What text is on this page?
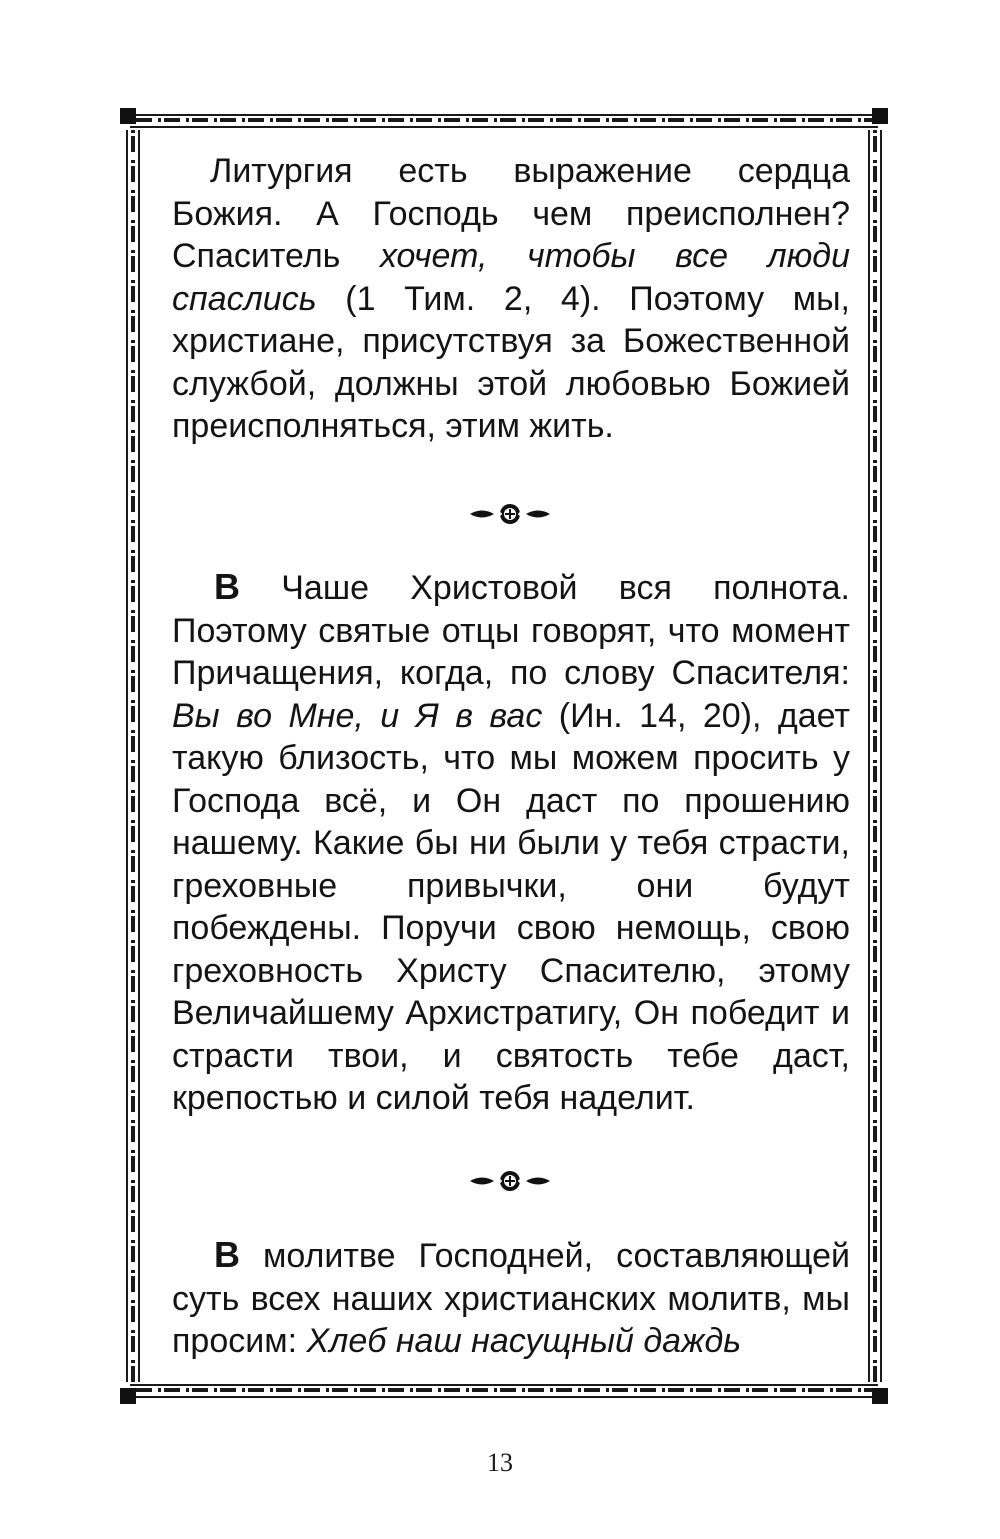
Литургия есть выражение сердца Божия. А Господь чем преисполнен? Спаситель хочет, чтобы все люди спаслись (1 Тим. 2, 4). Поэтому мы, христиане, присутствуя за Божественной службой, должны этой любовью Божией преисполняться, этим жить.

В Чаше Христовой вся полнота. Поэтому святые отцы говорят, что момент Причащения, когда, по слову Спасителя: Вы во Мне, и Я в вас (Ин. 14, 20), дает такую близость, что мы можем просить у Господа всё, и Он даст по прошению нашему. Какие бы ни были у тебя страсти, греховные привычки, они будут побеждены. Поручи свою немощь, свою греховность Христу Спасителю, этому Величайшему Архистратигу, Он победит и страсти твои, и святость тебе даст, крепостью и силой тебя наделит.

В молитве Господней, составляющей суть всех наших христианских молитв, мы просим: Хлеб наш насущный даждь

13
